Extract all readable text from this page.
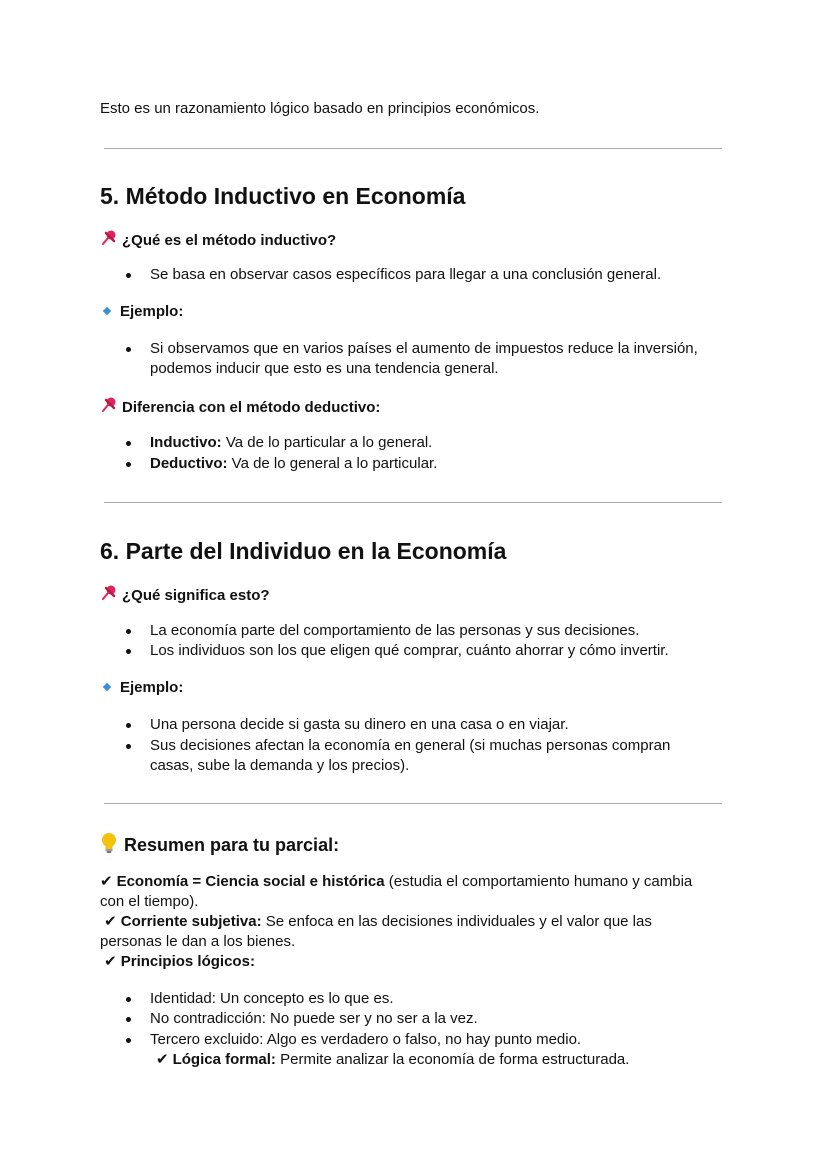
Esto es un razonamiento lógico basado en principios económicos.
5. Método Inductivo en Economía
¿Qué es el método inductivo?
Se basa en observar casos específicos para llegar a una conclusión general.
Ejemplo:
Si observamos que en varios países el aumento de impuestos reduce la inversión,
podemos inducir que esto es una tendencia general.
Diferencia con el método deductivo:
Inductivo: Va de lo particular a lo general.
Deductivo: Va de lo general a lo particular.
6. Parte del Individuo en la Economía
¿Qué significa esto?
La economía parte del comportamiento de las personas y sus decisiones.
Los individuos son los que eligen qué comprar, cuánto ahorrar y cómo invertir.
Ejemplo:
Una persona decide si gasta su dinero en una casa o en viajar.
Sus decisiones afectan la economía en general (si muchas personas compran
casas, sube la demanda y los precios).
Resumen para tu parcial:
✔ Economía = Ciencia social e histórica (estudia el comportamiento humano y cambia
con el tiempo).
✔ Corriente subjetiva: Se enfoca en las decisiones individuales y el valor que las
personas le dan a los bienes.
✔ Principios lógicos:
Identidad: Un concepto es lo que es.
No contradicción: No puede ser y no ser a la vez.
Tercero excluido: Algo es verdadero o falso, no hay punto medio.
✔ Lógica formal: Permite analizar la economía de forma estructurada.
